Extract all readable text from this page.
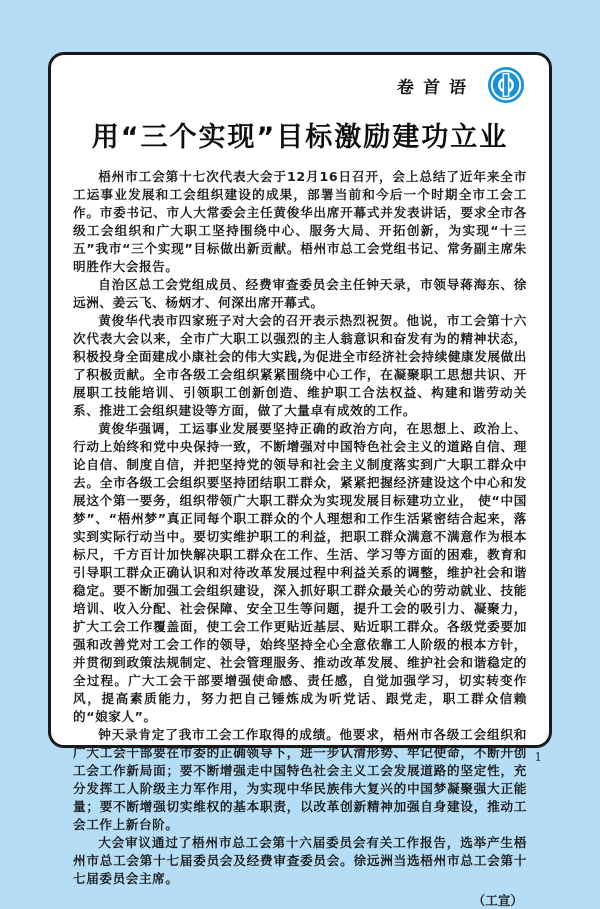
卷首语
用“三个实现”目标激励建功立业

梧州市工会第十七次代表大会于12月16日召开，会上总结了近年来全市工运事业发展和工会组织建设的成果，部署当前和今后一个时期全市工会工作。市委书记、市人大常委会主任黄俊华出席开幕式并发表讲话，要求全市各级工会组织和广大职工坚持围绕中心、服务大局、开拓创新，为实现“十三五”我市“三个实现”目标做出新贡献。梧州市总工会党组书记、常务副主席朱明胜作大会报告。

自治区总工会党组成员、经费审查委员会主任钟天录，市领导蒋海东、徐远洲、姜云飞、杨炳才、何深出席开幕式。

黄俊华代表市四家班子对大会的召开表示热烈祝贺。他说，市工会第十六次代表大会以来，全市广大职工以强烈的主人翁意识和奋发有为的精神状态，积极投身全面建成小康社会的伟大实践,为促进全市经济社会持续健康发展做出了积极贡献。全市各级工会组织紧紧围绕中心工作，在凝聚职工思想共识、开展职工技能培训、引领职工创新创造、维护职工合法权益、构建和谐劳动关系、推进工会组织建设等方面，做了大量卓有成效的工作。

黄俊华强调，工运事业发展要坚持正确的政治方向，在思想上、政治上、行动上始终和党中央保持一致，不断增强对中国特色社会主义的道路自信、理论自信、制度自信，并把坚持党的领导和社会主义制度落实到广大职工群众中去。全市各级工会组织要坚持团结职工群众，紧紧把握经济建设这个中心和发展这个第一要务，组织带领广大职工群众为实现发展目标建功立业， 使“中国梦”、“梧州梦”真正同每个职工群众的个人理想和工作生活紧密结合起来，落实到实际行动当中。要切实维护职工的利益，把职工群众满意不满意作为根本标尺，千方百计加快解决职工群众在工作、生活、学习等方面的困难，教育和引导职工群众正确认识和对待改革发展过程中利益关系的调整，维护社会和谐稳定。要不断加强工会组织建设，深入抓好职工群众最关心的劳动就业、技能培训、收入分配、社会保障、安全卫生等问题，提升工会的吸引力、凝聚力，扩大工会工作覆盖面，使工会工作更贴近基层、贴近职工群众。各级党委要加强和改善党对工会工作的领导，始终坚持全心全意依靠工人阶级的根本方针，并贯彻到政策法规制定、社会管理服务、推动改革发展、维护社会和谐稳定的全过程。广大工会干部要增强使命感、责任感，自觉加强学习，切实转变作风，提高素质能力，努力把自己锤炼成为听党话、跟党走，职工群众信赖的“娘家人”。

钟天录肯定了我市工会工作取得的成绩。他要求，梧州市各级工会组织和广大工会干部要在市委的正确领导下，进一步认清形势、牢记使命，不断开创工会工作新局面；要不断增强走中国特色社会主义工会发展道路的坚定性，充分发挥工人阶级主力军作用，为实现中华民族伟大复兴的中国梦凝聚强大正能量；要不断增强切实维权的基本职责，以改革创新精神加强自身建设，推动工会工作上新台阶。

大会审议通过了梧州市总工会第十六届委员会有关工作报告，选举产生梧州市总工会第十七届委员会及经费审查委员会。徐远洲当选梧州市总工会第十七届委员会主席。

（工宣）
1
